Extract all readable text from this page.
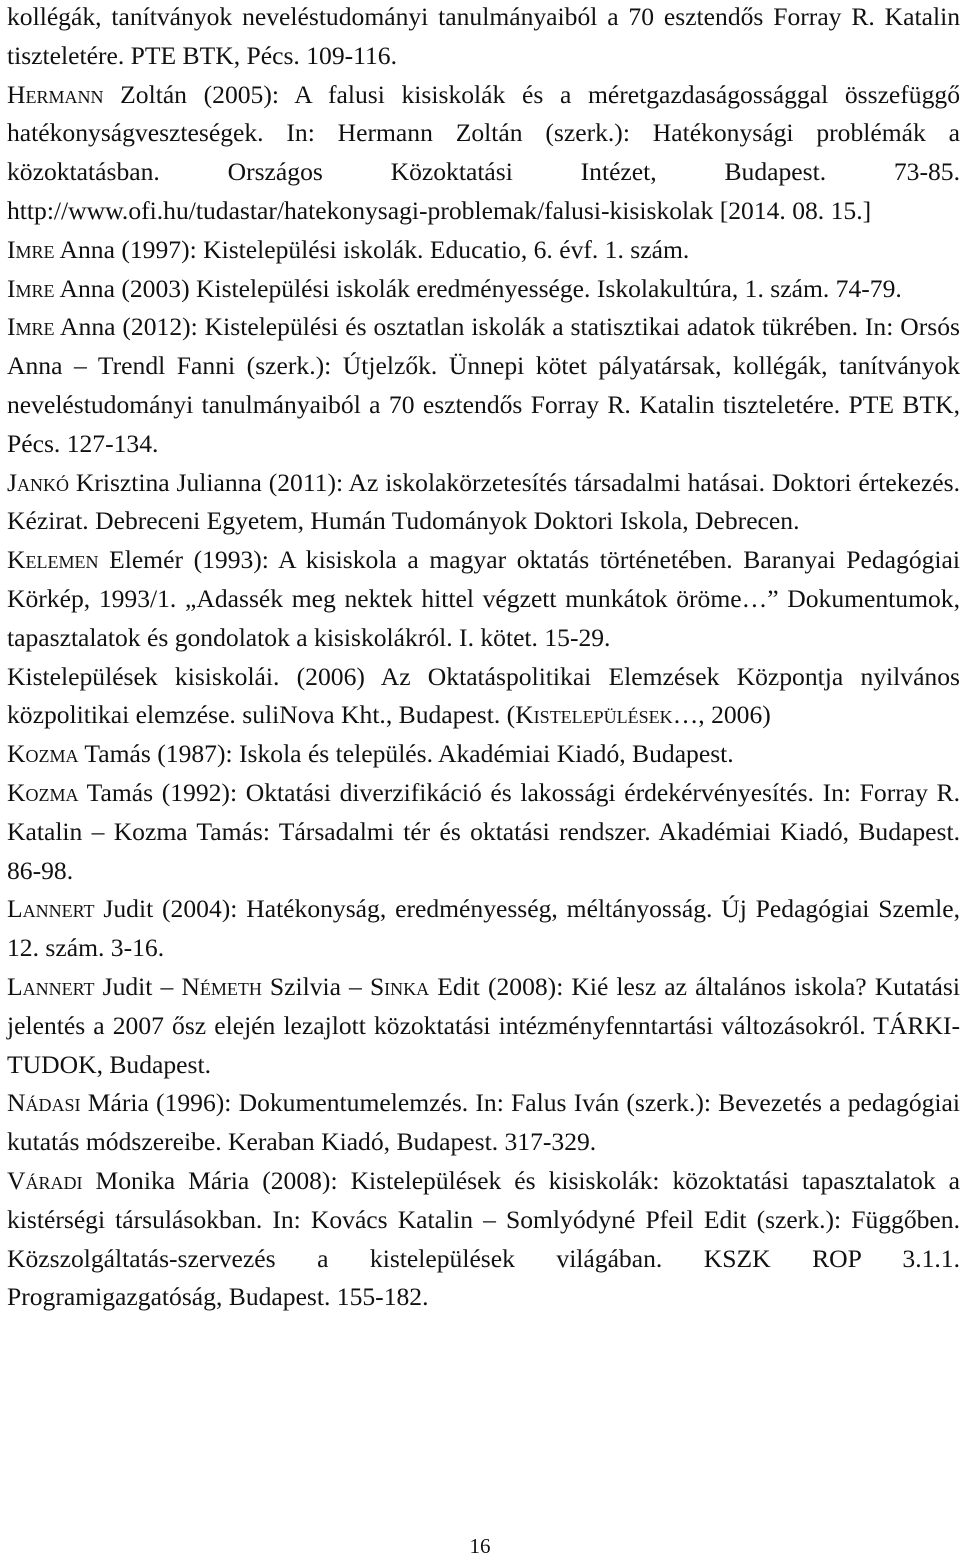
kollégák, tanítványok neveléstudományi tanulmányaiból a 70 esztendős Forray R. Katalin tiszteletére. PTE BTK, Pécs. 109-116.

Hermann Zoltán (2005): A falusi kisiskolák és a méretgazdaságossággal összefüggő hatékonyságveszteségek. In: Hermann Zoltán (szerk.): Hatékonysági problémák a közoktatásban. Országos Közoktatási Intézet, Budapest. 73-85. http://www.ofi.hu/tudastar/hatekonysagi-problemak/falusi-kisiskolak [2014. 08. 15.]

Imre Anna (1997): Kistelepülési iskolák. Educatio, 6. évf. 1. szám.

Imre Anna (2003) Kistelepülési iskolák eredményessége. Iskolakultúra, 1. szám. 74-79.

Imre Anna (2012): Kistelepülési és osztatlan iskolák a statisztikai adatok tükrében. In: Orsós Anna – Trendl Fanni (szerk.): Útjelzők. Ünnepi kötet pályatársak, kollégák, tanítványok neveléstudományi tanulmányaiból a 70 esztendős Forray R. Katalin tiszteletére. PTE BTK, Pécs. 127-134.

Jankó Krisztina Julianna (2011): Az iskolakörzetesítés társadalmi hatásai. Doktori értekezés. Kézirat. Debreceni Egyetem, Humán Tudományok Doktori Iskola, Debrecen.

Kelemen Elemér (1993): A kisiskola a magyar oktatás történetében. Baranyai Pedagógiai Körkép, 1993/1. „Adassék meg nektek hittel végzett munkátok öröme…” Dokumentumok, tapasztalatok és gondolatok a kisiskolákról. I. kötet. 15-29.

Kistelepülések kisiskolái. (2006) Az Oktatáspolitikai Elemzések Központja nyilvános közpolitikai elemzése. suliNova Kht., Budapest. (Kistelepülések…, 2006)

Kozma Tamás (1987): Iskola és település. Akadémiai Kiadó, Budapest.

Kozma Tamás (1992): Oktatási diverzifikáció és lakossági érdekérvényesítés. In: Forray R. Katalin – Kozma Tamás: Társadalmi tér és oktatási rendszer. Akadémiai Kiadó, Budapest. 86-98.

Lannert Judit (2004): Hatékonyság, eredményesség, méltányosság. Új Pedagógiai Szemle, 12. szám. 3-16.

Lannert Judit – Németh Szilvia – Sinka Edit (2008): Kié lesz az általános iskola? Kutatási jelentés a 2007 ősz elején lezajlott közoktatási intézményfenntartási változásokról. TÁRKI-TUDOK, Budapest.

Nádasi Mária (1996): Dokumentumelemzés. In: Falus Iván (szerk.): Bevezetés a pedagógiai kutatás módszereibe. Keraban Kiadó, Budapest. 317-329.

Váradi Monika Mária (2008): Kistelepülések és kisiskolák: közoktatási tapasztalatok a kistérségi társulásokban. In: Kovács Katalin – Somlyódyné Pfeil Edit (szerk.): Függőben. Közszolgáltatás-szervezés a kistelepülések világában. KSZK ROP 3.1.1. Programigazgatóság, Budapest. 155-182.

16
